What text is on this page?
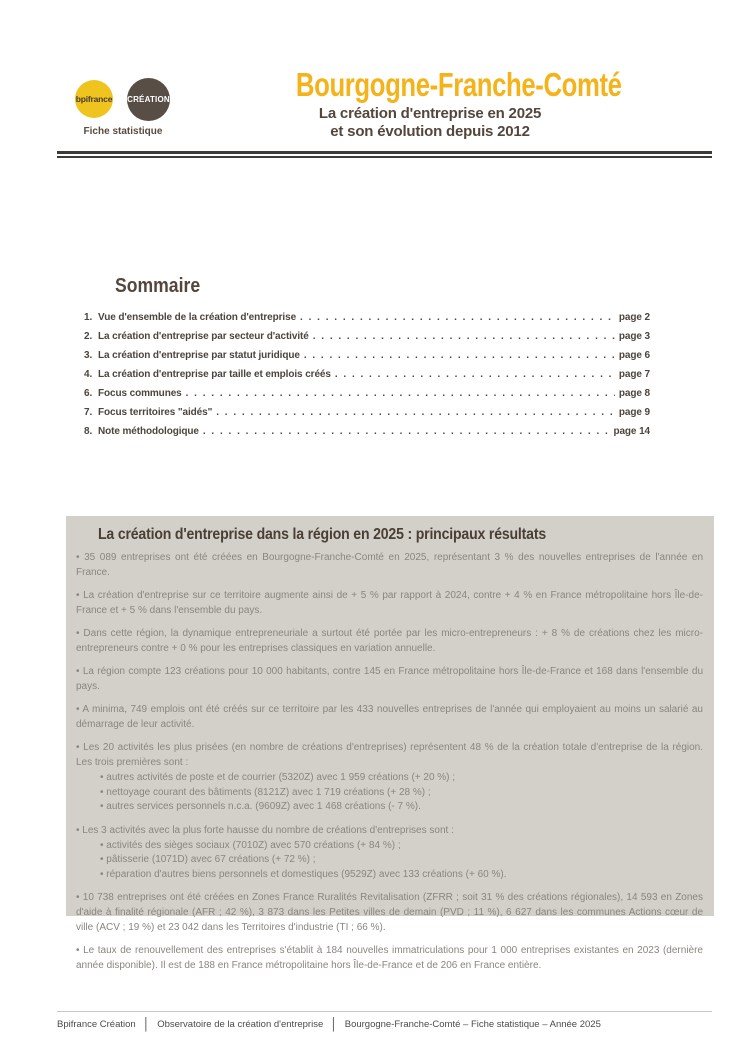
bpifrance CRÉATION
Fiche statistique
Bourgogne-Franche-Comté
La création d'entreprise en 2025
et son évolution depuis 2012
Sommaire
1. Vue d'ensemble de la création d'entreprise . . .	page 2
2. La création d'entreprise par secteur d'activité . . .	page 3
3. La création d'entreprise par statut juridique . . .	page 6
4. La création d'entreprise par taille et emplois créés . . .	page 7
6. Focus communes . . .	page 8
7. Focus territoires "aidés" . . .	page 9
8. Note méthodologique . . .	page 14
La création d'entreprise dans la région en 2025 : principaux résultats

• 35 089 entreprises ont été créées en Bourgogne-Franche-Comté en 2025, représentant 3 % des nouvelles entreprises de l'année en France.

• La création d'entreprise sur ce territoire augmente ainsi de + 5 % par rapport à 2024, contre + 4 % en France métropolitaine hors Île-de-France et + 5 % dans l'ensemble du pays.

• Dans cette région, la dynamique entrepreneuriale a surtout été portée par les micro-entrepreneurs : + 8 % de créations chez les micro-entrepreneurs contre + 0 % pour les entreprises classiques en variation annuelle.

• La région compte 123 créations pour 10 000 habitants, contre 145 en France métropolitaine hors Île-de-France et 168 dans l'ensemble du pays.

• A minima, 749 emplois ont été créés sur ce territoire par les 433 nouvelles entreprises de l'année qui employaient au moins un salarié au démarrage de leur activité.

• Les 20 activités les plus prisées (en nombre de créations d'entreprises) représentent 48 % de la création totale d'entreprise de la région. Les trois premières sont :

• autres activités de poste et de courrier (5320Z) avec 1 959 créations (+ 20 %) ;
• nettoyage courant des bâtiments (8121Z) avec 1 719 créations (+ 28 %) ;
• autres services personnels n.c.a. (9609Z) avec 1 468 créations (- 7 %).

• Les 3 activités avec la plus forte hausse du nombre de créations d'entreprises sont :

• activités des sièges sociaux (7010Z) avec 570 créations (+ 84 %) ;
• pâtisserie (1071D) avec 67 créations (+ 72 %) ;
• réparation d'autres biens personnels et domestiques (9529Z) avec 133 créations (+ 60 %).

• 10 738 entreprises ont été créées en Zones France Ruralités Revitalisation (ZFRR ; soit 31 % des créations régionales), 14 593 en Zones d'aide à finalité régionale (AFR ; 42 %), 3 873 dans les Petites villes de demain (PVD ; 11 %), 6 627 dans les communes Actions cœur de ville (ACV ; 19 %) et 23 042 dans les Territoires d'industrie (TI ; 66 %).

• Le taux de renouvellement des entreprises s'établit à 184 nouvelles immatriculations pour 1 000 entreprises existantes en 2023 (dernière année disponible). Il est de 188 en France métropolitaine hors Île-de-France et de 206 en France entière.

Bpifrance Création │ Observatoire de la création d'entreprise │ Bourgogne-Franche-Comté – Fiche statistique – Année 2025
